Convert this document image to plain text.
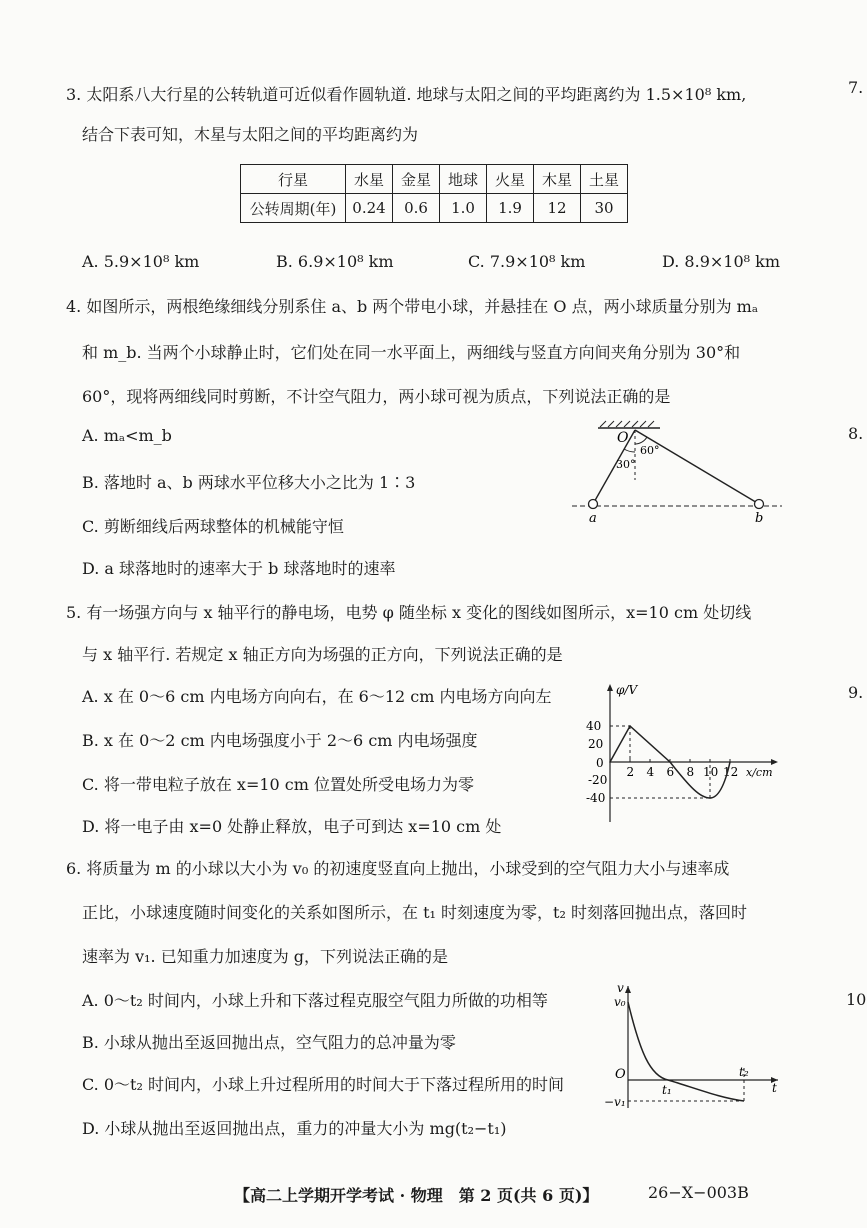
7.
8.
9.
10
3. 太阳系八大行星的公转轨道可近似看作圆轨道. 地球与太阳之间的平均距离约为 1.5×10⁸ km,
结合下表可知，木星与太阳之间的平均距离约为
行星	水星	金星	地球	火星	木星	土星
公转周期(年)	0.24	0.6	1.0	1.9	12	30
A. 5.9×10⁸ km	B. 6.9×10⁸ km	C. 7.9×10⁸ km	D. 8.9×10⁸ km
4. 如图所示，两根绝缘细线分别系住 a、b 两个带电小球，并悬挂在 O 点，两小球质量分别为 mₐ
和 m_b. 当两个小球静止时，它们处在同一水平面上，两细线与竖直方向间夹角分别为 30°和
60°，现将两细线同时剪断，不计空气阻力，两小球可视为质点，下列说法正确的是
A. mₐ<m_b
B. 落地时 a、b 两球水平位移大小之比为 1∶3
C. 剪断细线后两球整体的机械能守恒
D. a 球落地时的速率大于 b 球落地时的速率
O
60°
30°
a	b
5. 有一场强方向与 x 轴平行的静电场，电势 φ 随坐标 x 变化的图线如图所示，x=10 cm 处切线
与 x 轴平行. 若规定 x 轴正方向为场强的正方向，下列说法正确的是
A. x 在 0～6 cm 内电场方向向右，在 6～12 cm 内电场方向向左
B. x 在 0～2 cm 内电场强度小于 2～6 cm 内电场强度
C. 将一带电粒子放在 x=10 cm 位置处所受电场力为零
D. 将一电子由 x=0 处静止释放，电子可到达 x=10 cm 处
φ/V
x/cm
40
20
0
-20
-40
2 4 6 8 10 12
6. 将质量为 m 的小球以大小为 v₀ 的初速度竖直向上抛出，小球受到的空气阻力大小与速率成
正比，小球速度随时间变化的关系如图所示，在 t₁ 时刻速度为零，t₂ 时刻落回抛出点，落回时
速率为 v₁. 已知重力加速度为 g，下列说法正确的是
A. 0～t₂ 时间内，小球上升和下落过程克服空气阻力所做的功相等
B. 小球从抛出至返回抛出点，空气阻力的总冲量为零
C. 0～t₂ 时间内，小球上升过程所用的时间大于下落过程所用的时间
D. 小球从抛出至返回抛出点，重力的冲量大小为 mg(t₂−t₁)
v
v₀
O
t₁
t₂
t
−v₁
【高二上学期开学考试 · 物理　第 2 页(共 6 页)】	26−X−003B
